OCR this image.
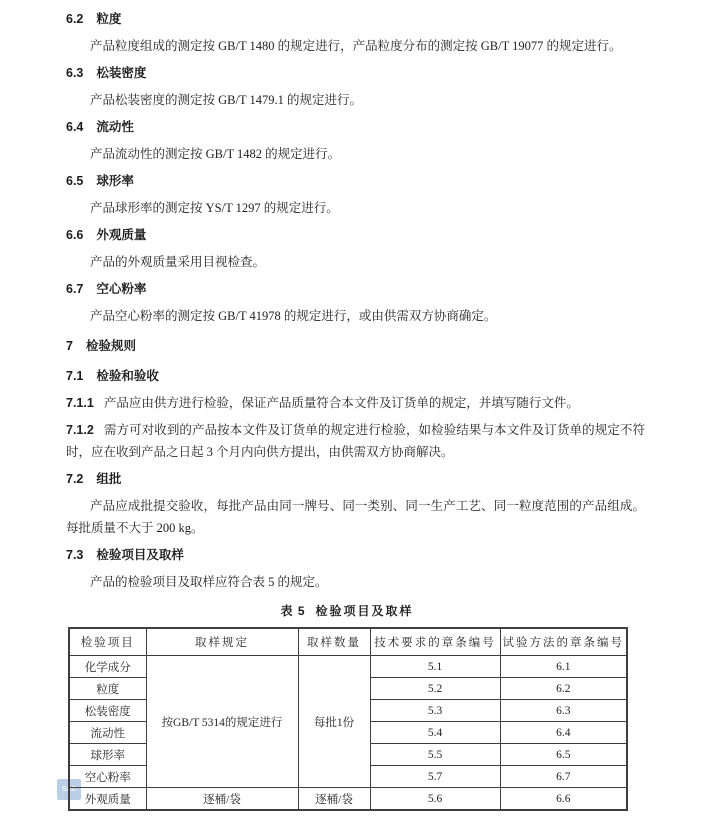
6.2 粒度

产品粒度组成的测定按 GB/T 1480 的规定进行，产品粒度分布的测定按 GB/T 19077 的规定进行。

6.3 松装密度

产品松装密度的测定按 GB/T 1479.1 的规定进行。

6.4 流动性

产品流动性的测定按 GB/T 1482 的规定进行。

6.5 球形率

产品球形率的测定按 YS/T 1297 的规定进行。

6.6 外观质量

产品的外观质量采用目视检查。

6.7 空心粉率

产品空心粉率的测定按 GB/T 41978 的规定进行，或由供需双方协商确定。

7 检验规则
7.1 检验和验收

7.1.1 产品应由供方进行检验，保证产品质量符合本文件及订货单的规定，并填写随行文件。

7.1.2 需方可对收到的产品按本文件及订货单的规定进行检验，如检验结果与本文件及订货单的规定不符时，应在收到产品之日起 3 个月内向供方提出，由供需双方协商解决。

7.2 组批

产品应成批提交验收，每批产品由同一牌号、同一类别、同一生产工艺、同一粒度范围的产品组成。每批质量不大于 200 kg。

7.3 检验项目及取样

产品的检验项目及取样应符合表 5 的规定。

表 5 检验项目及取样
检验项目	取样规定	取样数量	技术要求的章条编号	试验方法的章条编号
化学成分	按GB/T 5314的规定进行	每批1份	5.1	6.1
粒度			5.2	6.2
松装密度			5.3	6.3
流动性			5.4	6.4
球形率			5.5	6.5
空心粉率			5.7	6.7
外观质量	逐桶/袋	逐桶/袋	5.6	6.6
SAC
